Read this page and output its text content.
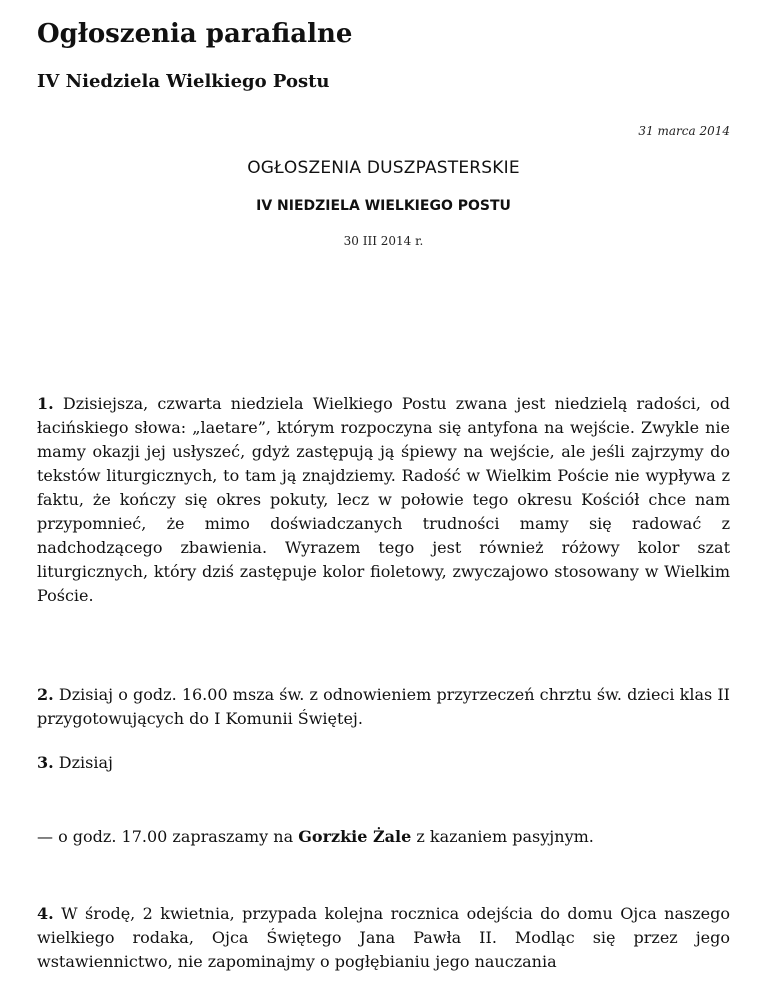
Ogłoszenia parafialne
IV Niedziela Wielkiego Postu
31 marca 2014
OGŁOSZENIA DUSZPASTERSKIE
IV NIEDZIELA WIELKIEGO POSTU
30 III 2014 r.

1. Dzisiejsza, czwarta niedziela Wielkiego Postu zwana jest niedzielą radości, od łacińskiego słowa: „laetare”, którym rozpoczyna się antyfona na wejście. Zwykle nie mamy okazji jej usłyszeć, gdyż zastępują ją śpiewy na wejście, ale jeśli zajrzymy do tekstów liturgicznych, to tam ją znajdziemy. Radość w Wielkim Poście nie wypływa z faktu, że kończy się okres pokuty, lecz w połowie tego okresu Kościół chce nam przypomnieć, że mimo doświadczanych trudności mamy się radować z nadchodzącego zbawienia. Wyrazem tego jest również różowy kolor szat liturgicznych, który dziś zastępuje kolor fioletowy, zwyczajowo stosowany w Wielkim Poście.

2. Dzisiaj o godz. 16.00 msza św. z odnowieniem przyrzeczeń chrztu św. dzieci klas II przygotowujących do I Komunii Świętej.

3. Dzisiaj

— o godz. 17.00 zapraszamy na Gorzkie Żale z kazaniem pasyjnym.

4. W środę, 2 kwietnia, przypada kolejna rocznica odejścia do domu Ojca naszego wielkiego rodaka, Ojca Świętego Jana Pawła II. Modląc się przez jego wstawiennictwo, nie zapominajmy o pogłębianiu jego nauczania
